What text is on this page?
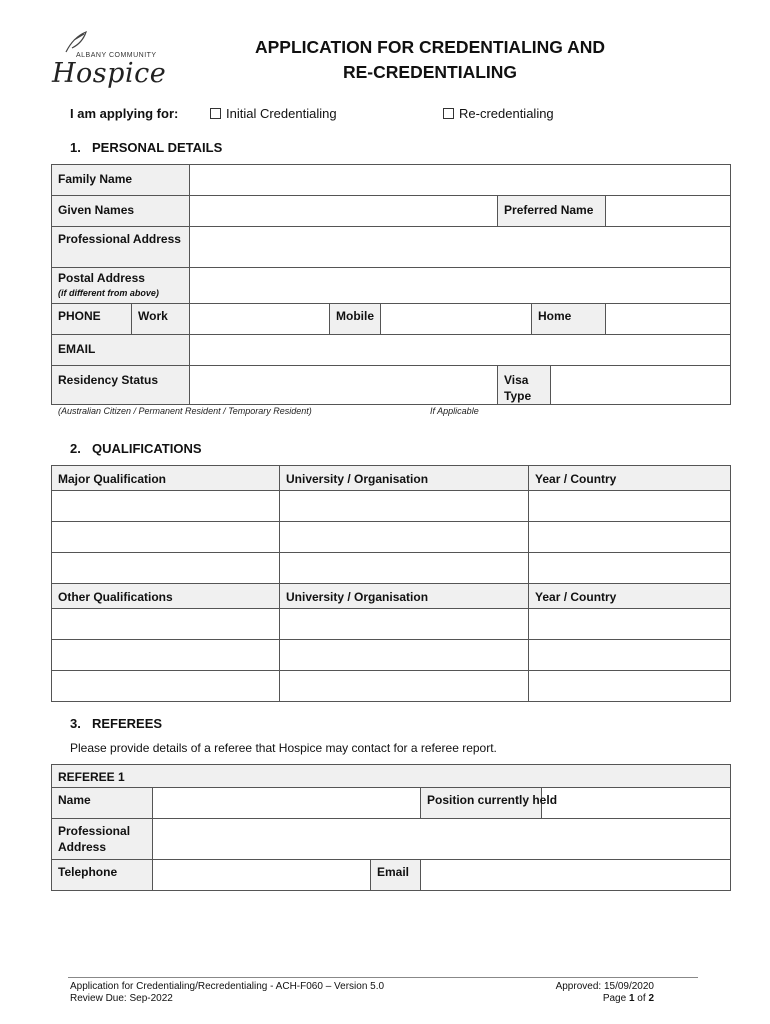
ALBANY COMMUNITY
Hospice
APPLICATION FOR CREDENTIALING AND
RE-CREDENTIALING
I am applying for:	Initial Credentialing	Re-credentialing
1. PERSONAL DETAILS
Family Name								

Given Names					Preferred Name			

Professional Address								

Postal Address
(if different from above)								

PHONE	Work		Mobile			Home		

EMAIL								

Residency Status					Visa Type			

(Australian Citizen / Permanent Resident / Temporary Resident)	If Applicable
2. QUALIFICATIONS
Major Qualification	University / Organisation	Year / Country

Other Qualifications	University / Organisation	Year / Country

3. REFEREES
Please provide details of a referee that Hospice may contact for a referee report.
REFEREE 1				

Name			Position currently held	

Professional Address				

Telephone		Email		

Application for Credentialing/Recredentialing - ACH-F060 – Version 5.0
Review Due: Sep-2022
Approved: 15/09/2020
Page 1 of 2
